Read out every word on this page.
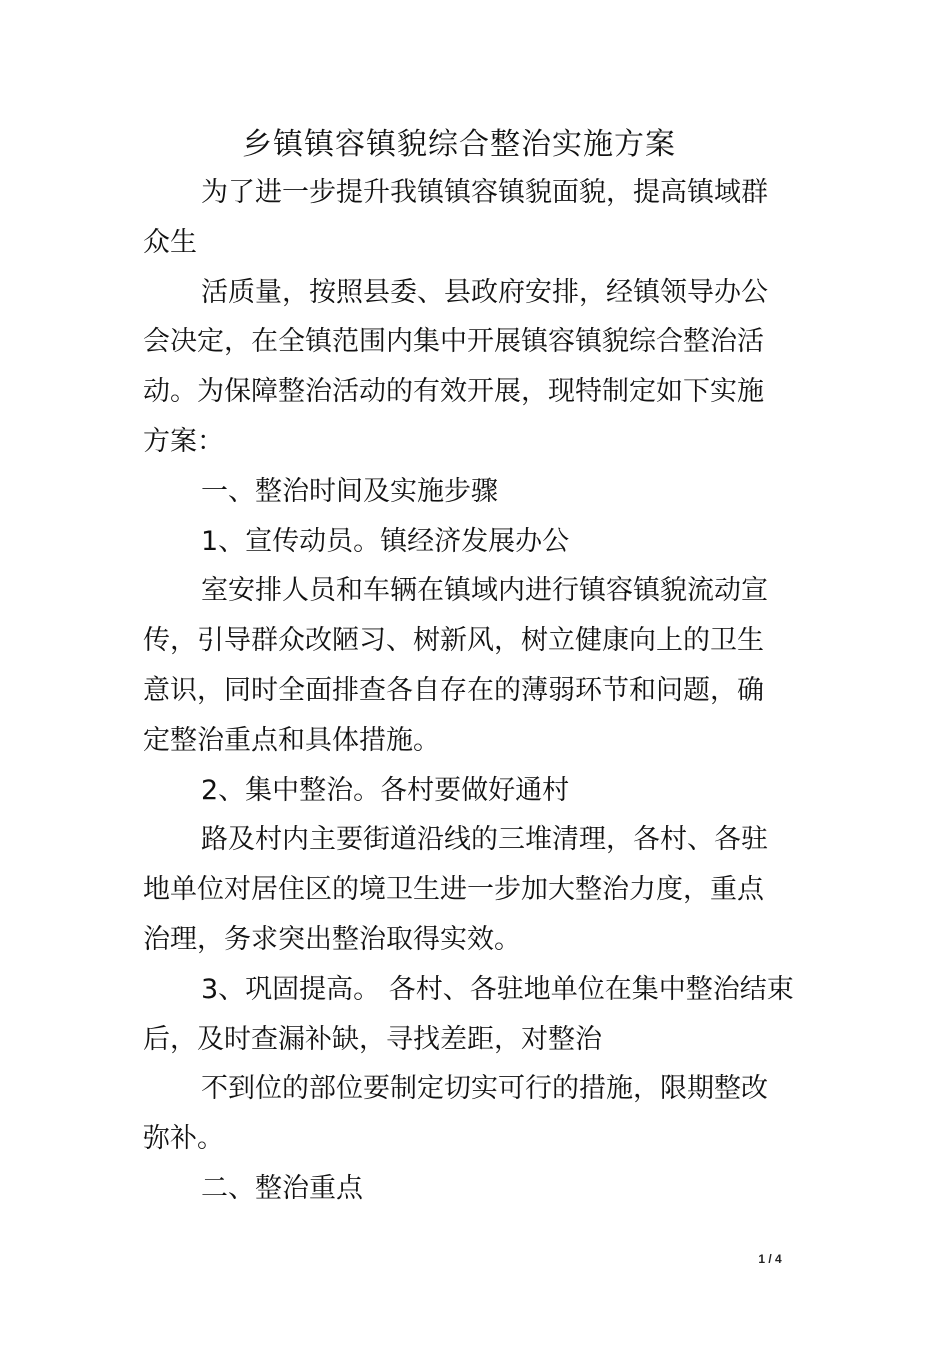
乡镇镇容镇貌综合整治实施方案
为了进一步提升我镇镇容镇貌面貌，提高镇域群
众生
活质量，按照县委、县政府安排，经镇领导办公
会决定，在全镇范围内集中开展镇容镇貌综合整治活
动。为保障整治活动的有效开展，现特制定如下实施
方案：
一、整治时间及实施步骤
1、宣传动员。镇经济发展办公
室安排人员和车辆在镇域内进行镇容镇貌流动宣
传，引导群众改陋习、树新风，树立健康向上的卫生
意识，同时全面排查各自存在的薄弱环节和问题，确
定整治重点和具体措施。
2、集中整治。各村要做好通村
路及村内主要街道沿线的三堆清理，各村、各驻
地单位对居住区的境卫生进一步加大整治力度，重点
治理，务求突出整治取得实效。
3、巩固提高。 各村、各驻地单位在集中整治结束
后，及时查漏补缺，寻找差距，对整治
不到位的部位要制定切实可行的措施，限期整改
弥补。
二、整治重点
1 / 4
